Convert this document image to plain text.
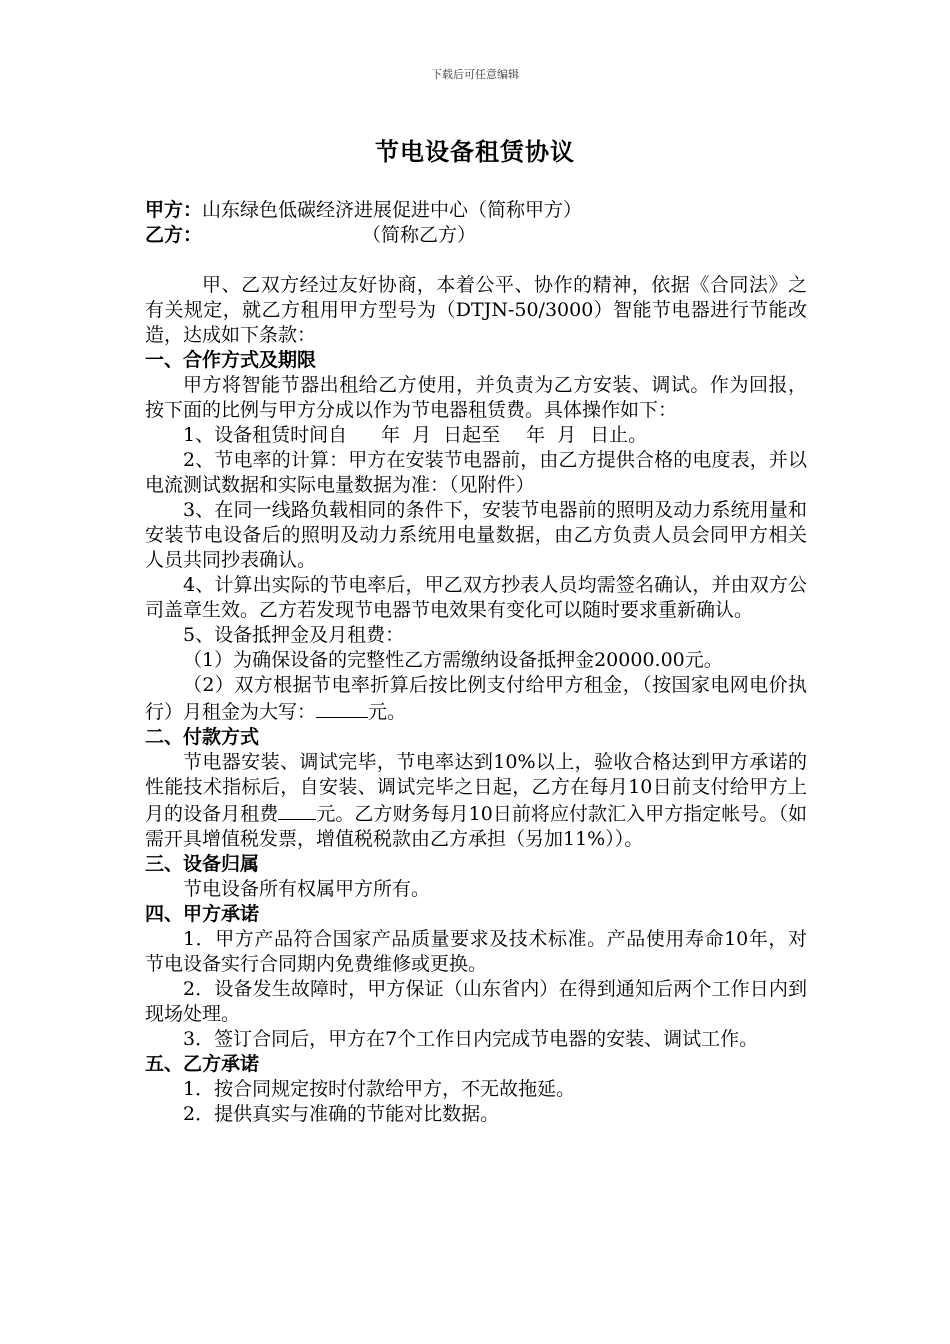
下载后可任意编辑
节电设备租赁协议

甲方：山东绿色低碳经济进展促进中心（简称甲方）

乙方：	（简称乙方）

甲、乙双方经过友好协商，本着公平、协作的精神，依据《合同法》之有关规定，就乙方租用甲方型号为（DTJN-50/3000）智能节电器进行节能改造，达成如下条款：

一、合作方式及期限

甲方将智能节器出租给乙方使用，并负责为乙方安装、调试。作为回报，按下面的比例与甲方分成以作为节电器租赁费。具体操作如下：

1、设备租赁时间自 年 月 日起至 年 月 日止。

2、节电率的计算：甲方在安装节电器前，由乙方提供合格的电度表，并以电流测试数据和实际电量数据为准：（见附件）

3、在同一线路负载相同的条件下，安装节电器前的照明及动力系统用量和安装节电设备后的照明及动力系统用电量数据，由乙方负责人员会同甲方相关人员共同抄表确认。

4、计算出实际的节电率后，甲乙双方抄表人员均需签名确认，并由双方公司盖章生效。乙方若发现节电器节电效果有变化可以随时要求重新确认。

5、设备抵押金及月租费：

（1）为确保设备的完整性乙方需缴纳设备抵押金20000.00元。

（2）双方根据节电率折算后按比例支付给甲方租金，（按国家电网电价执行）月租金为大写：	元。

二、付款方式

节电器安装、调试完毕，节电率达到10%以上，验收合格达到甲方承诺的性能技术指标后，自安装、调试完毕之日起，乙方在每月10日前支付给甲方上月的设备月租费 元。乙方财务每月10日前将应付款汇入甲方指定帐号。（如需开具增值税发票，增值税税款由乙方承担（另加11%））。

三、设备归属

节电设备所有权属甲方所有。

四、甲方承诺

1．甲方产品符合国家产品质量要求及技术标准。产品使用寿命10年，对节电设备实行合同期内免费维修或更换。

2．设备发生故障时，甲方保证（山东省内）在得到通知后两个工作日内到现场处理。

3．签订合同后，甲方在7个工作日内完成节电器的安装、调试工作。

五、乙方承诺

1．按合同规定按时付款给甲方，不无故拖延。

2．提供真实与准确的节能对比数据。
